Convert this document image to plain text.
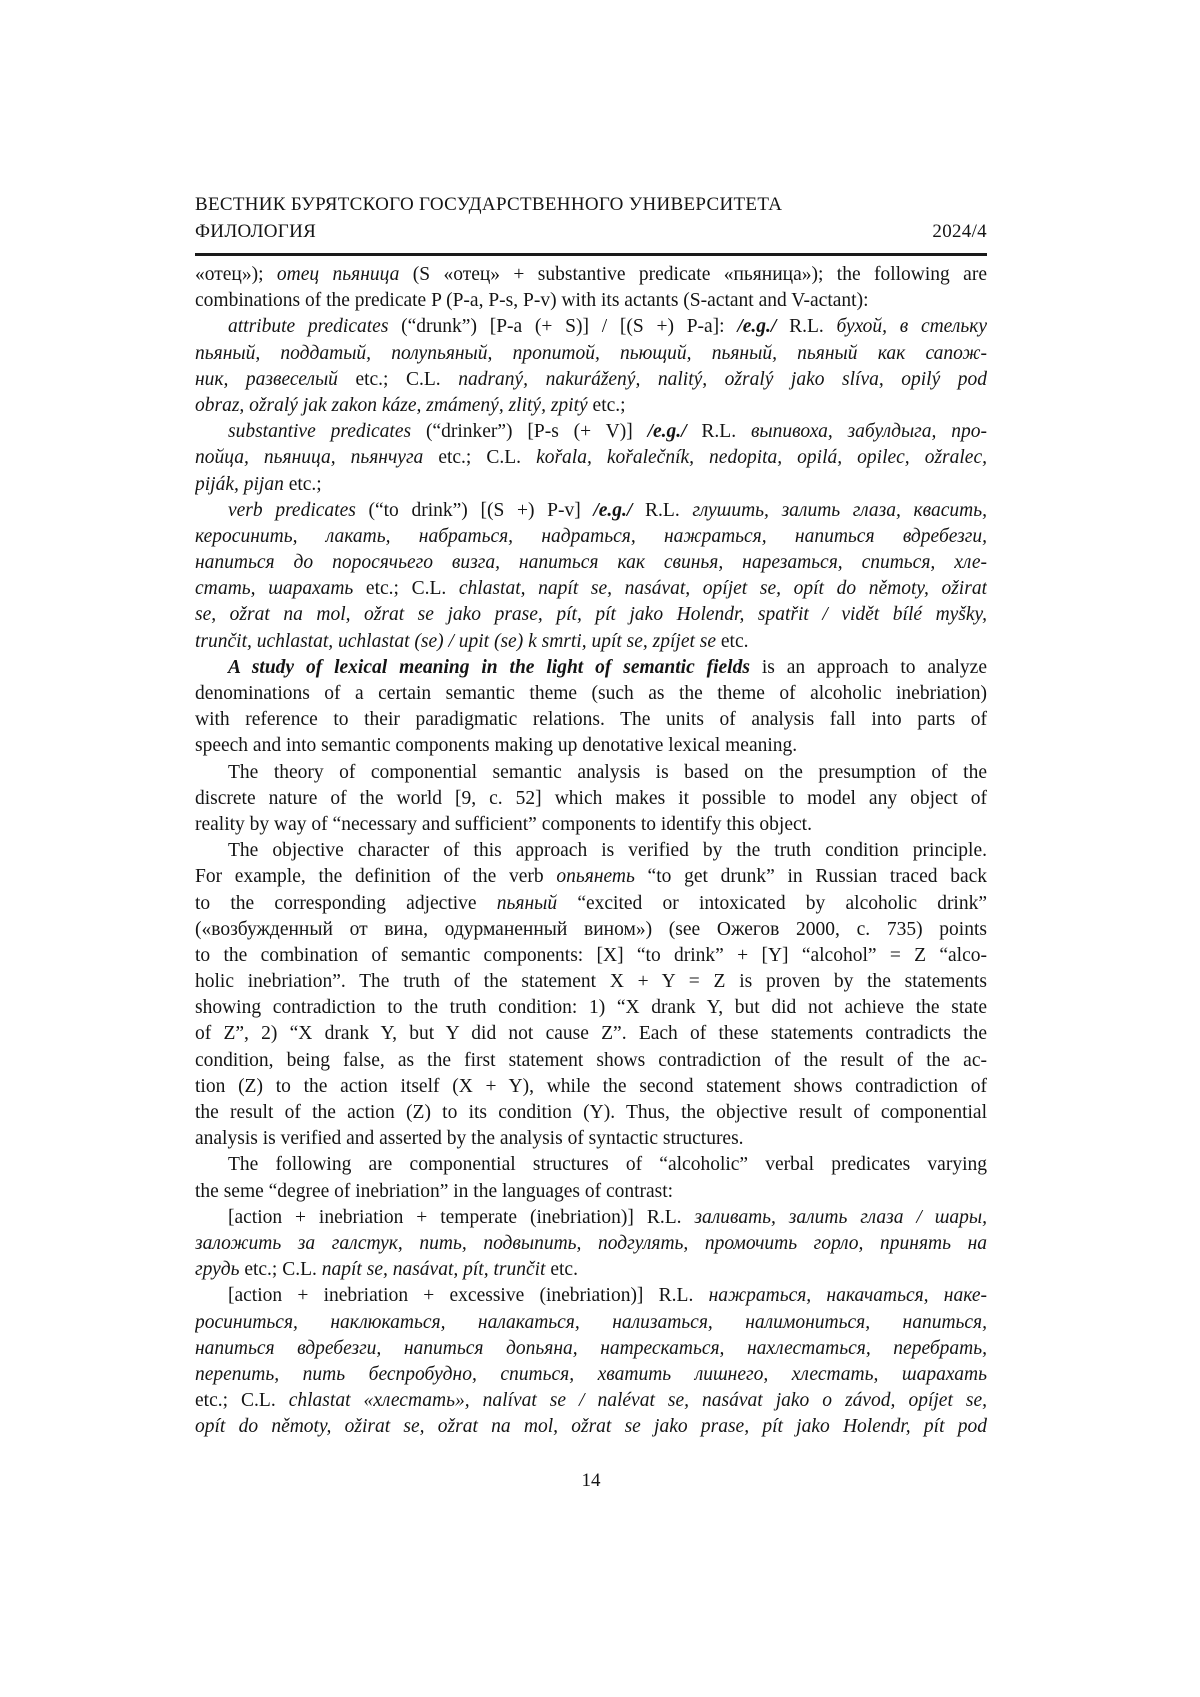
ВЕСТНИК БУРЯТСКОГО ГОСУДАРСТВЕННОГО УНИВЕРСИТЕТА
ФИЛОЛОГИЯ	2024/4
«отец»); отец пьяница (S «отец» + substantive predicate «пьяница»); the following are
combinations of the predicate P (P-a, P-s, P-v) with its actants (S-actant and V-actant):
attribute predicates (“drunk”) [P-a (+ S)] / [(S +) P-a]: /e.g./ R.L. бухой, в стельку
пьяный, поддатый, полупьяный, пропитой, пьющий, пьяный, пьяный как сапож-
ник, развеселый etc.; C.L. nadraný, nakurážený, nalitý, ožralý jako slíva, opilý pod
obraz, ožralý jak zakon káze, zmámený, zlitý, zpitý etc.;
substantive predicates (“drinker”) [P-s (+ V)] /e.g./ R.L. выпивоха, забулдыга, про-
пойца, пьяница, пьянчуга etc.; C.L. kořala, kořalečník, nedopita, opilá, opilec, ožralec,
piják, pijan etc.;
verb predicates (“to drink”) [(S +) P-v] /e.g./ R.L. глушить, залить глаза, квасить,
керосинить, лакать, набраться, надраться, нажраться, напиться вдребезги,
напиться до поросячьего визга, напиться как свинья, нарезаться, спиться, хле-
стать, шарахать etc.; C.L. chlastat, napít se, nasávat, opíjet se, opít do němoty, ožirat
se, ožrat na mol, ožrat se jako prase, pít, pít jako Holendr, spatřit / vidět bílé myšky,
trunčit, uchlastat, uchlastat (se) / upit (se) k smrti, upít se, zpíjet se etc.
A study of lexical meaning in the light of semantic fields is an approach to analyze
denominations of a certain semantic theme (such as the theme of alcoholic inebriation)
with reference to their paradigmatic relations. The units of analysis fall into parts of
speech and into semantic components making up denotative lexical meaning.
The theory of componential semantic analysis is based on the presumption of the
discrete nature of the world [9, c. 52] which makes it possible to model any object of
reality by way of “necessary and sufficient” components to identify this object.
The objective character of this approach is verified by the truth condition principle.
For example, the definition of the verb опьянеть “to get drunk” in Russian traced back
to the corresponding adjective пьяный “excited or intoxicated by alcoholic drink”
(«возбужденный от вина, одурманенный вином») (see Ожегов 2000, с. 735) points
to the combination of semantic components: [X] “to drink” + [Y] “alcohol” = Z “alco-
holic inebriation”. The truth of the statement X + Y = Z is proven by the statements
showing contradiction to the truth condition: 1) “X drank Y, but did not achieve the state
of Z”, 2) “X drank Y, but Y did not cause Z”. Each of these statements contradicts the
condition, being false, as the first statement shows contradiction of the result of the ac-
tion (Z) to the action itself (X + Y), while the second statement shows contradiction of
the result of the action (Z) to its condition (Y). Thus, the objective result of componential
analysis is verified and asserted by the analysis of syntactic structures.
The following are componential structures of “alcoholic” verbal predicates varying
the seme “degree of inebriation” in the languages of contrast:
[action + inebriation + temperate (inebriation)] R.L. заливать, залить глаза / шары,
заложить за галстук, пить, подвыпить, подгулять, промочить горло, принять на
грудь etc.; C.L. napít se, nasávat, pít, trunčit etc.
[action + inebriation + excessive (inebriation)] R.L. нажраться, накачаться, наке-
росиниться, наклюкаться, налакаться, нализаться, налимониться, напиться,
напиться вдребезги, напиться допьяна, натрескаться, нахлестаться, перебрать,
перепить, пить беспробудно, спиться, хватить лишнего, хлестать, шарахать
etc.; C.L. chlastat «хлестать», nalívat se / nalévat se, nasávat jako o závod, opíjet se,
opít do němoty, ožirat se, ožrat na mol, ožrat se jako prase, pít jako Holendr, pít pod
14
